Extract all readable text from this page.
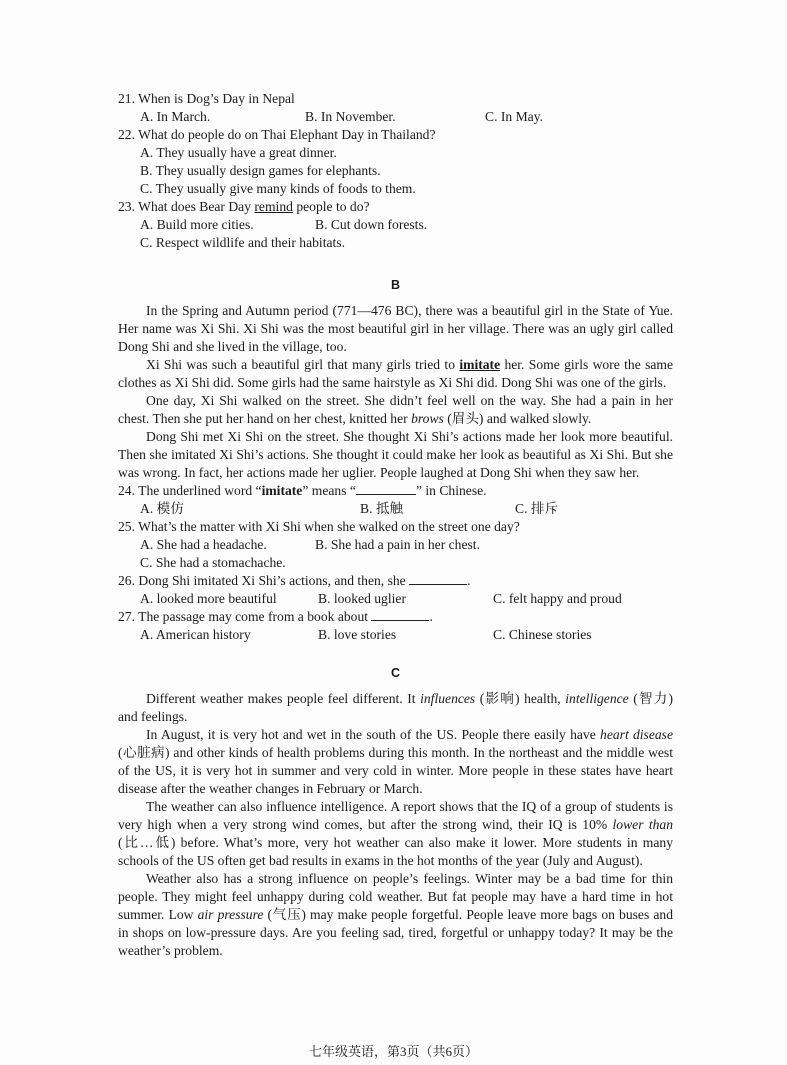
21. When is Dog’s Day in Nepal

A. In March.	B. In November.	C. In May.

22. What do people do on Thai Elephant Day in Thailand?

A. They usually have a great dinner.
B. They usually design games for elephants.
C. They usually give many kinds of foods to them.

23. What does Bear Day remind people to do?

A. Build more cities.	B. Cut down forests.
C. Respect wildlife and their habitats.
B

In the Spring and Autumn period (771—476 BC), there was a beautiful girl in the State of Yue. Her name was Xi Shi. Xi Shi was the most beautiful girl in her village. There was an ugly girl called Dong Shi and she lived in the village, too.

Xi Shi was such a beautiful girl that many girls tried to imitate her. Some girls wore the same clothes as Xi Shi did. Some girls had the same hairstyle as Xi Shi did. Dong Shi was one of the girls.

One day, Xi Shi walked on the street. She didn’t feel well on the way. She had a pain in her chest. Then she put her hand on her chest, knitted her brows (眉头) and walked slowly.

Dong Shi met Xi Shi on the street. She thought Xi Shi’s actions made her look more beautiful. Then she imitated Xi Shi’s actions. She thought it could make her look as beautiful as Xi Shi. But she was wrong. In fact, her actions made her uglier. People laughed at Dong Shi when they saw her.

24. The underlined word “imitate” means “	” in Chinese.

A. 模仿	B. 抵触	C. 排斥

25. What’s the matter with Xi Shi when she walked on the street one day?

A. She had a headache.	B. She had a pain in her chest.
C. She had a stomachache.

26. Dong Shi imitated Xi Shi’s actions, and then, she	.

A. looked more beautiful	B. looked uglier	C. felt happy and proud

27. The passage may come from a book about	.

A. American history	B. love stories	C. Chinese stories
C

Different weather makes people feel different. It influences (影响) health, intelligence (智力) and feelings.

In August, it is very hot and wet in the south of the US. People there easily have heart disease (心脏病) and other kinds of health problems during this month. In the northeast and the middle west of the US, it is very hot in summer and very cold in winter. More people in these states have heart disease after the weather changes in February or March.

The weather can also influence intelligence. A report shows that the IQ of a group of students is very high when a very strong wind comes, but after the strong wind, their IQ is 10% lower than (比…低) before. What’s more, very hot weather can also make it lower. More students in many schools of the US often get bad results in exams in the hot months of the year (July and August).

Weather also has a strong influence on people’s feelings. Winter may be a bad time for thin people. They might feel unhappy during cold weather. But fat people may have a hard time in hot summer. Low air pressure (气压) may make people forgetful. People leave more bags on buses and in shops on low-pressure days. Are you feeling sad, tired, forgetful or unhappy today? It may be the weather’s problem.

七年级英语，第3页（共6页）
